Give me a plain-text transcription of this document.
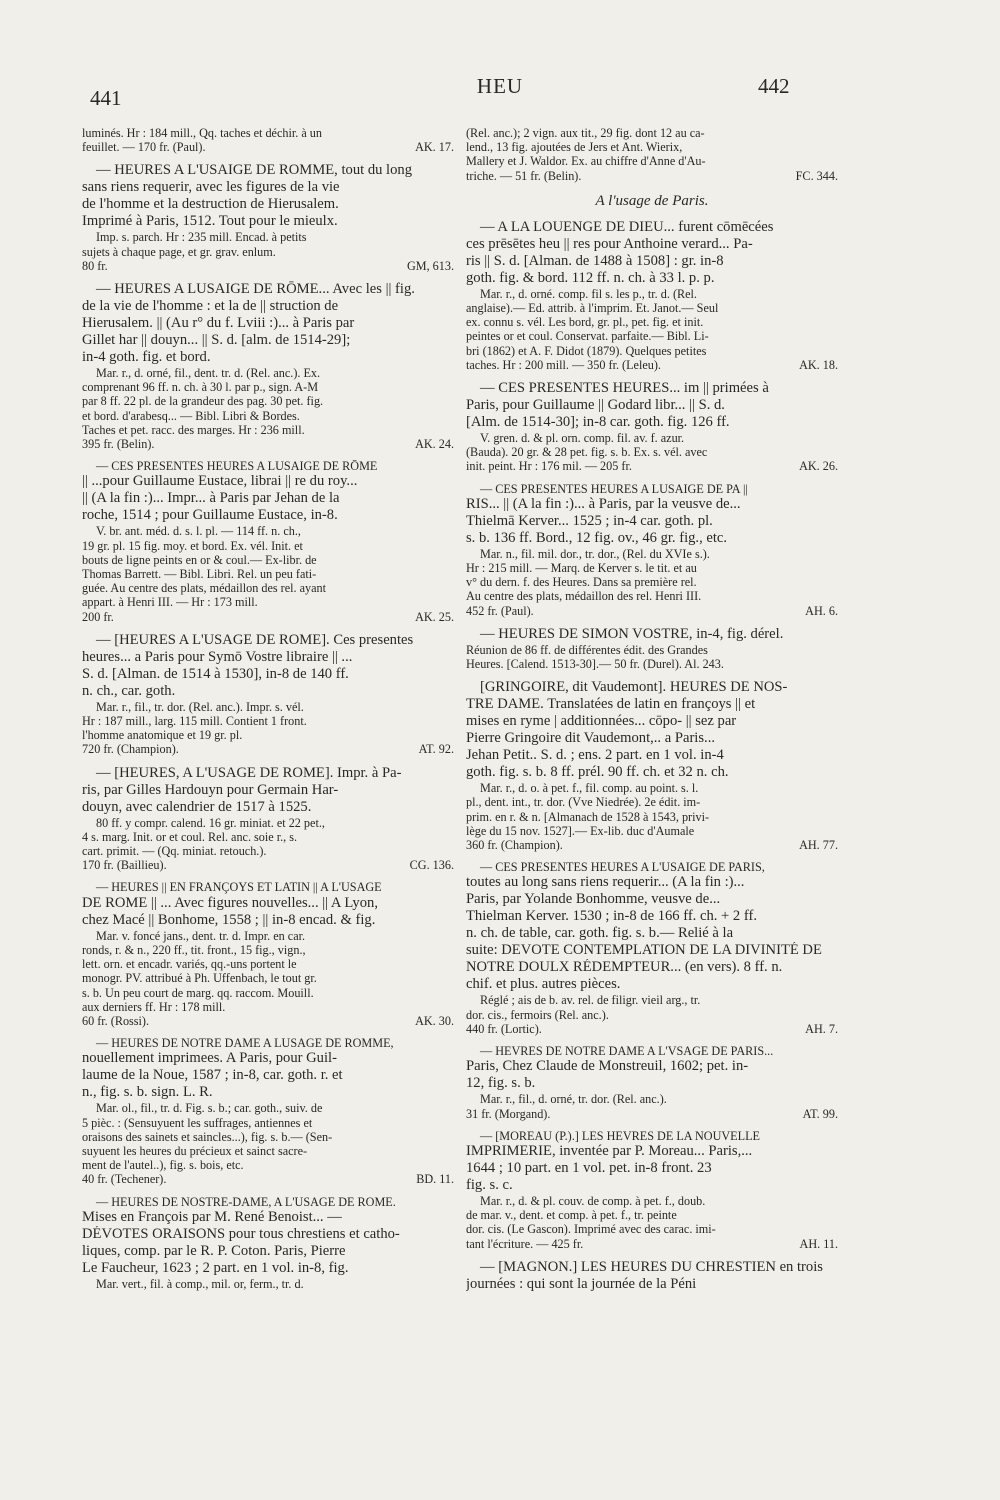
441	HEU	442
luminés. Hr : 184 mill., Qq. taches et déchir. à un
feuillet. — 170 fr. (Paul).	AK. 17.
— HEURES A L'USAIGE DE ROMME, tout du long
sans riens requerir, avec les figures de la vie
de l'homme et la destruction de Hierusalem.
Imprimé à Paris, 1512. Tout pour le mieulx.
Imp. s. parch. Hr : 235 mill. Encad. à petits
sujets à chaque page, et gr. grav. enlum.
80 fr.	GM, 613.
— HEURES A LUSAIGE DE RŌME... Avec les || fig.
de la vie de l'homme : et la de || struction de
Hierusalem. || (Au r° du f. Lviii :)... à Paris par
Gillet har || douyn... || S. d. [alm. de 1514-29];
in-4 goth. fig. et bord.
Mar. r., d. orné, fil., dent. tr. d. (Rel. anc.). Ex.
comprenant 96 ff. n. ch. à 30 l. par p., sign. A-M
par 8 ff. 22 pl. de la grandeur des pag. 30 pet. fig.
et bord. d'arabesq... — Bibl. Libri & Bordes.
Taches et pet. racc. des marges. Hr : 236 mill.
395 fr. (Belin).	AK. 24.
— CES PRESENTES HEURES A LUSAIGE DE RŌME
|| ...pour Guillaume Eustace, librai || re du roy...
|| (A la fin :)... Impr... à Paris par Jehan de la
roche, 1514 ; pour Guillaume Eustace, in-8.
V. br. ant. méd. d. s. l. pl. — 114 ff. n. ch.,
19 gr. pl. 15 fig. moy. et bord. Ex. vél. Init. et
bouts de ligne peints en or & coul.— Ex-libr. de
Thomas Barrett. — Bibl. Libri. Rel. un peu fati-
guée. Au centre des plats, médaillon des rel. ayant
appart. à Henri III. — Hr : 173 mill.
200 fr.	AK. 25.
— [HEURES A L'USAGE DE ROME]. Ces presentes
heures... a Paris pour Symō Vostre libraire || ...
S. d. [Alman. de 1514 à 1530], in-8 de 140 ff.
n. ch., car. goth.
Mar. r., fil., tr. dor. (Rel. anc.). Impr. s. vél.
Hr : 187 mill., larg. 115 mill. Contient 1 front.
l'homme anatomique et 19 gr. pl.
720 fr. (Champion).	AT. 92.
— [HEURES, A L'USAGE DE ROME]. Impr. à Pa-
ris, par Gilles Hardouyn pour Germain Har-
douyn, avec calendrier de 1517 à 1525.
80 ff. y compr. calend. 16 gr. miniat. et 22 pet.,
4 s. marg. Init. or et coul. Rel. anc. soie r., s.
cart. primit. — (Qq. miniat. retouch.).
170 fr. (Baillieu).	CG. 136.
— HEURES || EN FRANÇOYS ET LATIN || A L'USAGE
DE ROME || ... Avec figures nouvelles... || A Lyon,
chez Macé || Bonhome, 1558 ; || in-8 encad. & fig.
Mar. v. foncé jans., dent. tr. d. Impr. en car.
ronds, r. & n., 220 ff., tit. front., 15 fig., vign.,
lett. orn. et encadr. variés, qq.-uns portent le
monogr. PV. attribué à Ph. Uffenbach, le tout gr.
s. b. Un peu court de marg. qq. raccom. Mouill.
aux derniers ff. Hr : 178 mill.
60 fr. (Rossi).	AK. 30.
— HEURES DE NOTRE DAME A LUSAGE DE ROMME,
nouellement imprimees. A Paris, pour Guil-
laume de la Noue, 1587 ; in-8, car. goth. r. et
n., fig. s. b. sign. L. R.
Mar. ol., fil., tr. d. Fig. s. b.; car. goth., suiv. de
5 pièc. : (Sensuyuent les suffrages, antiennes et
oraisons des sainets et saincles...), fig. s. b.— (Sen-
suyuent les heures du précieux et sainct sacre-
ment de l'autel..), fig. s. bois, etc.
40 fr. (Techener).	BD. 11.
— HEURES DE NOSTRE-DAME, A L'USAGE DE ROME.
Mises en François par M. René Benoist... —
DÉVOTES ORAISONS pour tous chrestiens et catho-
liques, comp. par le R. P. Coton. Paris, Pierre
Le Faucheur, 1623 ; 2 part. en 1 vol. in-8, fig.
Mar. vert., fil. à comp., mil. or, ferm., tr. d.
(Rel. anc.); 2 vign. aux tit., 29 fig. dont 12 au ca-
lend., 13 fig. ajoutées de Jers et Ant. Wierix,
Mallery et J. Waldor. Ex. au chiffre d'Anne d'Au-
triche. — 51 fr. (Belin).	FC. 344.
A l'usage de Paris.
— A LA LOUENGE DE DIEU... furent cōmēcées
ces prēsētes heu || res pour Anthoine verard... Pa-
ris || S. d. [Alman. de 1488 à 1508] : gr. in-8
goth. fig. & bord. 112 ff. n. ch. à 33 l. p. p.
Mar. r., d. orné. comp. fil s. les p., tr. d. (Rel.
anglaise).— Ed. attrib. à l'imprim. Et. Janot.— Seul
ex. connu s. vél. Les bord, gr. pl., pet. fig. et init.
peintes or et coul. Conservat. parfaite.— Bibl. Li-
bri (1862) et A. F. Didot (1879). Quelques petites
taches. Hr : 200 mill. — 350 fr. (Leleu).	AK. 18.
— CES PRESENTES HEURES... im || primées à
Paris, pour Guillaume || Godard libr... || S. d.
[Alm. de 1514-30]; in-8 car. goth. fig. 126 ff.
V. gren. d. & pl. orn. comp. fil. av. f. azur.
(Bauda). 20 gr. & 28 pet. fig. s. b. Ex. s. vél. avec
init. peint. Hr : 176 mil. — 205 fr.	AK. 26.
— CES PRESENTES HEURES A LUSAIGE DE PA ||
RIS... || (A la fin :)... à Paris, par la veusve de...
Thielmā Kerver... 1525 ; in-4 car. goth. pl.
s. b. 136 ff. Bord., 12 fig. ov., 46 gr. fig., etc.
Mar. n., fil. mil. dor., tr. dor., (Rel. du XVIe s.).
Hr : 215 mill. — Marq. de Kerver s. le tit. et au
v° du dern. f. des Heures. Dans sa première rel.
Au centre des plats, médaillon des rel. Henri III.
452 fr. (Paul).	AH. 6.
— HEURES DE SIMON VOSTRE, in-4, fig. dérel.
Réunion de 86 ff. de différentes édit. des Grandes
Heures. [Calend. 1513-30].— 50 fr. (Durel). Al. 243.
[GRINGOIRE, dit Vaudemont]. HEURES DE NOS-
TRE DAME. Translatées de latin en françoys || et
mises en ryme | additionnées... cōpo- || sez par
Pierre Gringoire dit Vaudemont,.. a Paris...
Jehan Petit.. S. d. ; ens. 2 part. en 1 vol. in-4
goth. fig. s. b. 8 ff. prél. 90 ff. ch. et 32 n. ch.
Mar. r., d. o. à pet. f., fil. comp. au point. s. l.
pl., dent. int., tr. dor. (Vve Niedrée). 2e édit. im-
prim. en r. & n. [Almanach de 1528 à 1543, privi-
lège du 15 nov. 1527].— Ex-lib. duc d'Aumale
360 fr. (Champion).	AH. 77.
— CES PRESENTES HEURES A L'USAIGE DE PARIS,
toutes au long sans riens requerir... (A la fin :)...
Paris, par Yolande Bonhomme, veusve de...
Thielman Kerver. 1530 ; in-8 de 166 ff. ch. + 2 ff.
n. ch. de table, car. goth. fig. s. b.— Relié à la
suite: DEVOTE CONTEMPLATION DE LA DIVINITÉ DE
NOTRE DOULX RÉDEMPTEUR... (en vers). 8 ff. n.
chif. et plus. autres pièces.
Réglé ; ais de b. av. rel. de filigr. vieil arg., tr.
dor. cis., fermoirs (Rel. anc.).
440 fr. (Lortic).	AH. 7.
— HEVRES DE NOTRE DAME A L'VSAGE DE PARIS...
Paris, Chez Claude de Monstreuil, 1602; pet. in-
12, fig. s. b.
Mar. r., fil., d. orné, tr. dor. (Rel. anc.).
31 fr. (Morgand).	AT. 99.
— [MOREAU (P.).] LES HEVRES DE LA NOUVELLE
IMPRIMERIE, inventée par P. Moreau... Paris,...
1644 ; 10 part. en 1 vol. pet. in-8 front. 23
fig. s. c.
Mar. r., d. & pl. couv. de comp. à pet. f., doub.
de mar. v., dent. et comp. à pet. f., tr. peinte
dor. cis. (Le Gascon). Imprimé avec des carac. imi-
tant l'écriture. — 425 fr.	AH. 11.
— [MAGNON.] LES HEURES DU CHRESTIEN en trois
journées : qui sont la journée de la Péni
